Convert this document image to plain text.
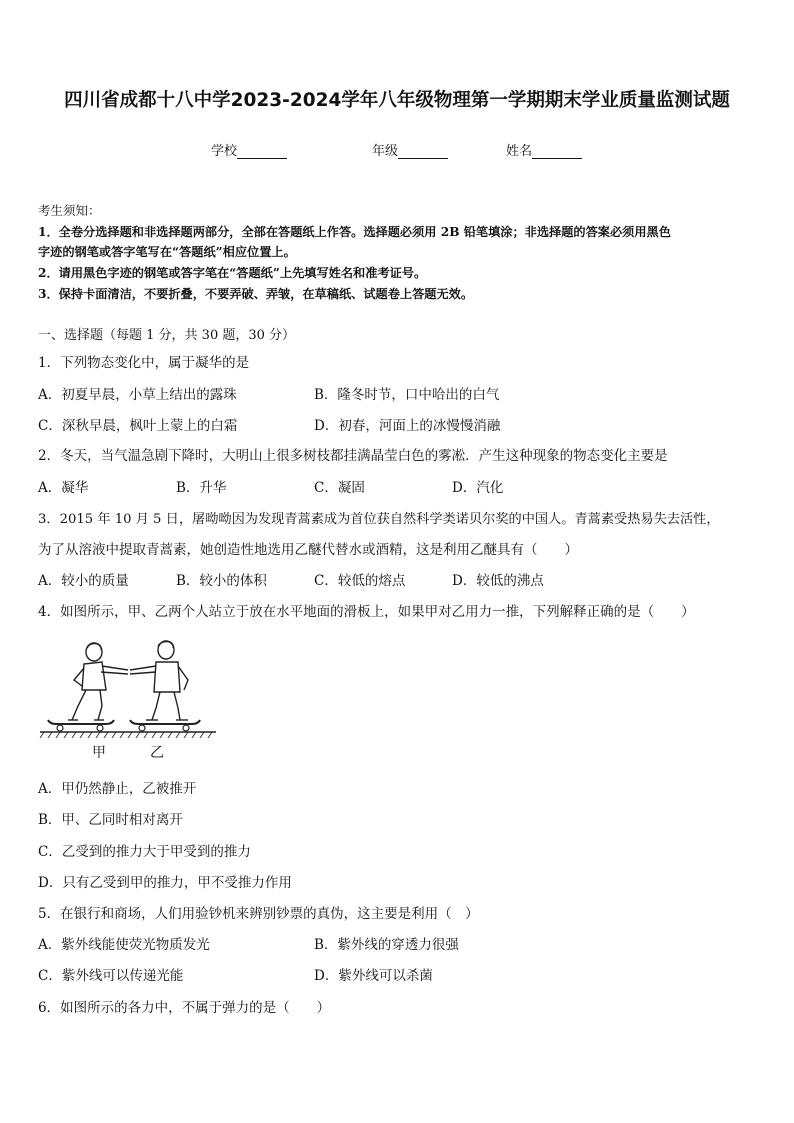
四川省成都十八中学2023-2024学年八年级物理第一学期期末学业质量监测试题
学校	年级	姓名
考生须知：
1．全卷分选择题和非选择题两部分，全部在答题纸上作答。选择题必须用 2B 铅笔填涂；非选择题的答案必须用黑色
字迹的钢笔或答字笔写在“答题纸”相应位置上。
2．请用黑色字迹的钢笔或答字笔在“答题纸”上先填写姓名和准考证号。
3．保持卡面清洁，不要折叠，不要弄破、弄皱，在草稿纸、试题卷上答题无效。
一、选择题（每题 1 分，共 30 题，30 分）
1．下列物态变化中，属于凝华的是
A．初夏早晨，小草上结出的露珠	B．隆冬时节，口中哈出的白气
C．深秋早晨，枫叶上蒙上的白霜	D．初春，河面上的冰慢慢消融
2．冬天，当气温急剧下降时，大明山上很多树枝都挂满晶莹白色的雾凇．产生这种现象的物态变化主要是
A．凝华	B．升华	C．凝固	D．汽化
3．2015 年 10 月 5 日，屠呦呦因为发现青蒿素成为首位获自然科学类诺贝尔奖的中国人。青蒿素受热易失去活性，
为了从溶液中提取青蒿素，她创造性地选用乙醚代替水或酒精，这是利用乙醚具有（　　）
A．较小的质量	B．较小的体积	C．较低的熔点	D．较低的沸点
4．如图所示，甲、乙两个人站立于放在水平地面的滑板上，如果甲对乙用力一推，下列解释正确的是（　　）
甲	乙
A．甲仍然静止，乙被推开
B．甲、乙同时相对离开
C．乙受到的推力大于甲受到的推力
D．只有乙受到甲的推力，甲不受推力作用
5．在银行和商场，人们用验钞机来辨别钞票的真伪，这主要是利用（　）
A．紫外线能使荧光物质发光	B．紫外线的穿透力很强
C．紫外线可以传递光能	D．紫外线可以杀菌
6．如图所示的各力中，不属于弹力的是（　　）
